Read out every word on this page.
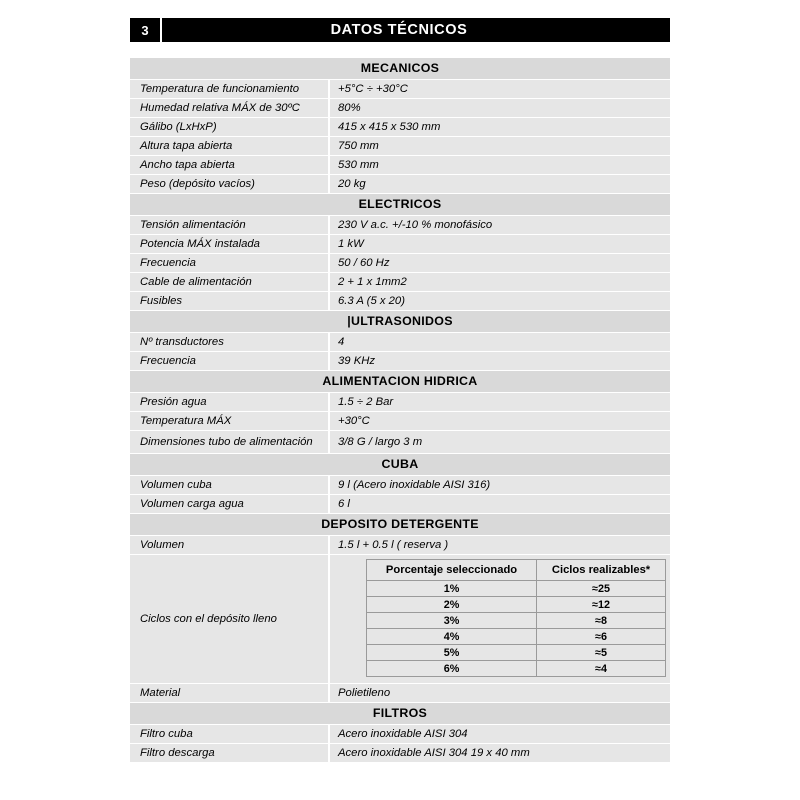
3	DATOS TÉCNICOS
MECANICOS
Temperatura de funcionamiento	+5°C ÷ +30°C
Humedad relativa MÁX de 30ºC	80%
Gálibo (LxHxP)	415 x 415 x 530 mm
Altura tapa abierta	750 mm
Ancho tapa abierta	530 mm
Peso (depósito vacíos)	20 kg
ELECTRICOS
Tensión alimentación	230 V a.c. +/-10 % monofásico
Potencia MÁX instalada	1 kW
Frecuencia	50 / 60 Hz
Cable de alimentación	2 + 1 x 1mm2
Fusibles	6.3 A (5 x 20)
|ULTRASONIDOS
Nº transductores	4
Frecuencia	39 KHz
ALIMENTACION HIDRICA
Presión agua	1.5 ÷ 2 Bar
Temperatura MÁX	+30°C
Dimensiones tubo de alimentación	3/8 G / largo 3 m
CUBA
Volumen cuba	9 l (Acero inoxidable AISI 316)
Volumen carga agua	6 l
DEPOSITO DETERGENTE
Volumen	1.5 l + 0.5 l ( reserva )
Ciclos con el depósito lleno
Porcentaje seleccionado	Ciclos realizables*
1%	≈25
2%	≈12
3%	≈8
4%	≈6
5%	≈5
6%	≈4
Material	Polietileno
FILTROS
Filtro cuba	Acero inoxidable AISI 304
Filtro descarga	Acero inoxidable AISI 304 19 x 40 mm
